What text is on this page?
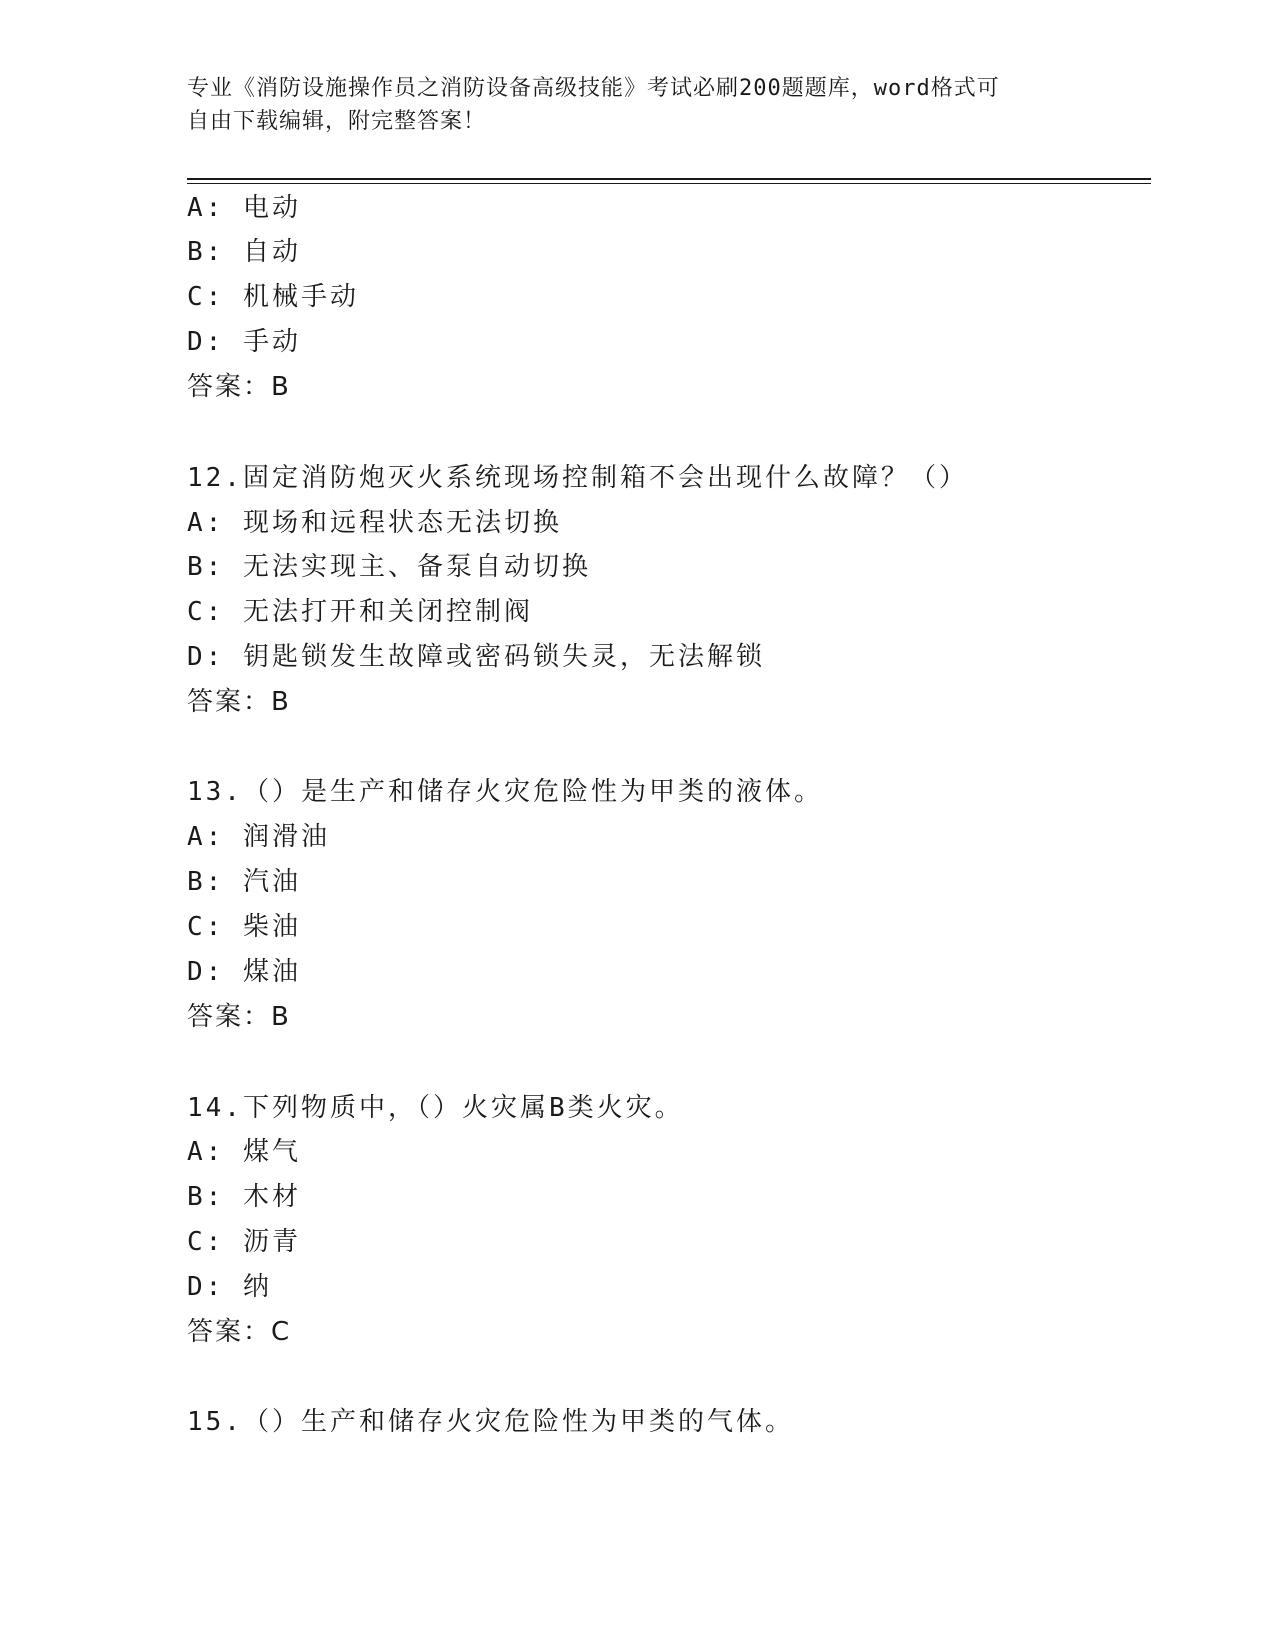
专业《消防设施操作员之消防设备高级技能》考试必刷200题题库，word格式可
自由下载编辑，附完整答案！
A: 电动
B: 自动
C: 机械手动
D: 手动
答案：B
12.固定消防炮灭火系统现场控制箱不会出现什么故障？（）
A: 现场和远程状态无法切换
B: 无法实现主、备泵自动切换
C: 无法打开和关闭控制阀
D: 钥匙锁发生故障或密码锁失灵，无法解锁
答案：B
13.（）是生产和储存火灾危险性为甲类的液体。
A: 润滑油
B: 汽油
C: 柴油
D: 煤油
答案：B
14.下列物质中，（）火灾属B类火灾。
A: 煤气
B: 木材
C: 沥青
D: 纳
答案：C
15.（）生产和储存火灾危险性为甲类的气体。
